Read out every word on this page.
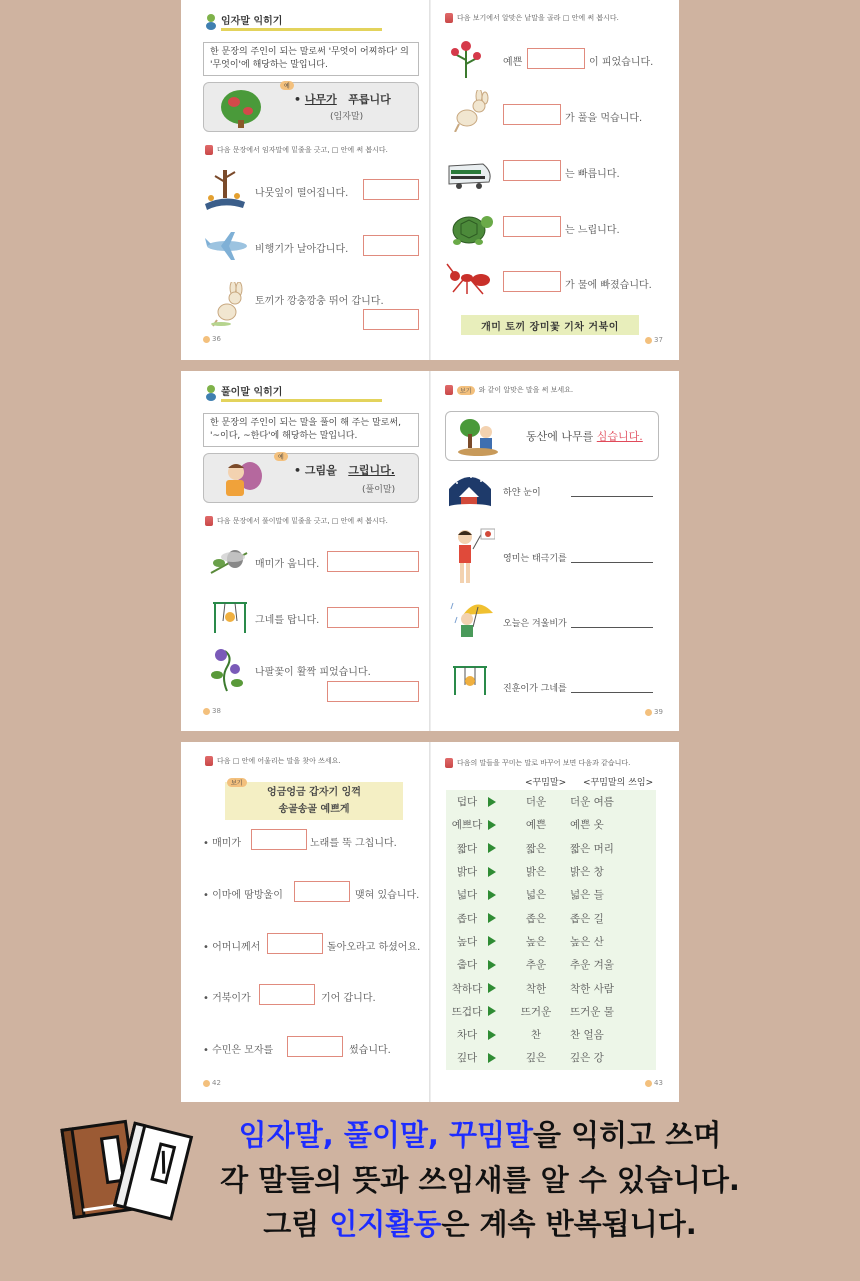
임자말 익히기
한 문장의 주인이 되는 말로써 '무엇이 어찌하다' 의 '무엇이'에 해당하는 말입니다.
예
• 나무가 푸릅니다
(임자말)
다음 문장에서 임자말에 밑줄을 긋고, □ 안에 써 봅시다.
나뭇잎이 떨어집니다.
비행기가 날아갑니다.
토끼가 깡충깡충 뛰어 갑니다.
36
다음 보기에서 알맞은 낱말을 골라 □ 안에 써 봅시다.
예쁜	이 피었습니다.
가 풀을 먹습니다.
는 빠릅니다.
는 느립니다.
가 물에 빠졌습니다.
개미 토끼 장미꽃 기차 거북이
37
풀이말 익히기
한 문장의 주인이 되는 말을 풀이 해 주는 말로써, '~이다, ~한다'에 해당하는 말입니다.
예
• 그림을 그립니다.
(풀이말)
다음 문장에서 풀이말에 밑줄을 긋고, □ 안에 써 봅시다.
매미가 웁니다.
그네를 탑니다.
나팔꽃이 활짝 피었습니다.
38
보기	와 같이 알맞은 말을 써 보세요.
동산에 나무를 심습니다.
하얀 눈이
영미는 태극기를
오늘은 겨울비가
진훈이가 그네를
39
다음 □ 안에 어울리는 말을 찾아 쓰세요.
보기
엉금엉금 갑자기 잉꺽
송골송골 예쁘게
• 매미가	노래를 뚝 그칩니다.
• 이마에 땀방울이	맺혀 있습니다.
• 어머니께서	돌아오라고 하셨어요.
• 거북이가	기어 갑니다.
• 수민은 모자를	썼습니다.
42
다음의 말들을 꾸미는 말로 바꾸어 보면 다음과 같습니다.
<꾸밈말> <꾸밈말의 쓰임>
덥다	더운	더운 여름
예쁘다	예쁜	예쁜 옷
짧다	짧은	짧은 머리
밝다	밝은	밝은 창
넓다	넓은	넓은 들
좁다	좁은	좁은 길
높다	높은	높은 산
춥다	추운	추운 겨울
착하다	착한	착한 사람
뜨겁다	뜨거운	뜨거운 물
차다	찬	찬 얼음
깊다	깊은	깊은 강
43
임자말, 풀이말, 꾸밈말을 익히고 쓰며
각 말들의 뜻과 쓰임새를 알 수 있습니다.
그림 인지활동은 계속 반복됩니다.
